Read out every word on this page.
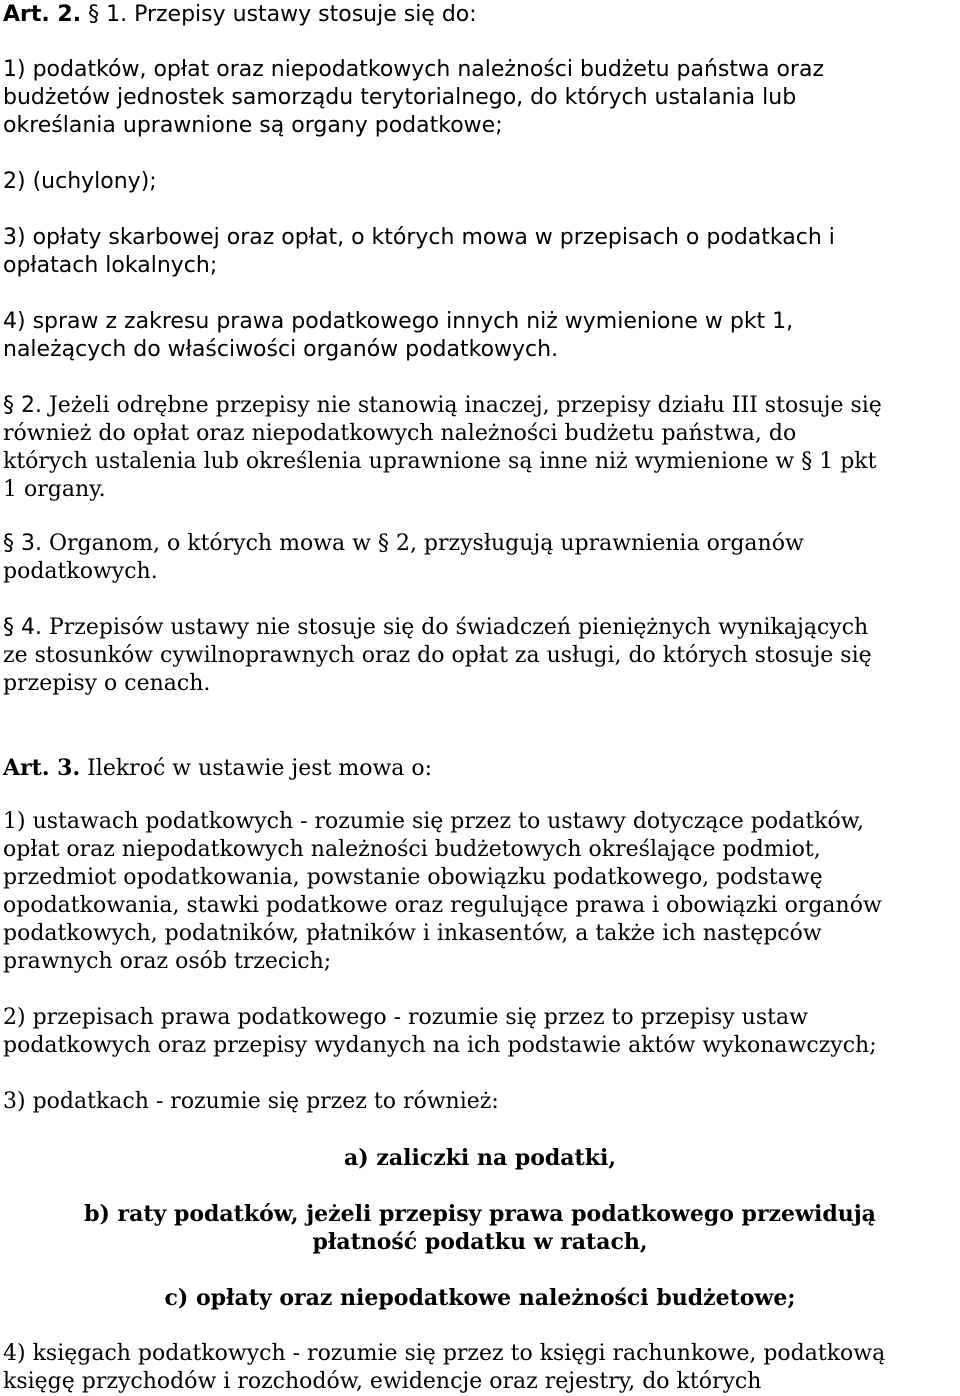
Art. 2. § 1. Przepisy ustawy stosuje się do:

1) podatków, opłat oraz niepodatkowych należności budżetu państwa oraz

budżetów jednostek samorządu terytorialnego, do których ustalania lub

określania uprawnione są organy podatkowe;

2) (uchylony);

3) opłaty skarbowej oraz opłat, o których mowa w przepisach o podatkach i

opłatach lokalnych;

4) spraw z zakresu prawa podatkowego innych niż wymienione w pkt 1,

należących do właściwości organów podatkowych.

§ 2. Jeżeli odrębne przepisy nie stanowią inaczej, przepisy działu III stosuje się

również do opłat oraz niepodatkowych należności budżetu państwa, do

których ustalenia lub określenia uprawnione są inne niż wymienione w § 1 pkt

1 organy.

§ 3. Organom, o których mowa w § 2, przysługują uprawnienia organów

podatkowych.

§ 4. Przepisów ustawy nie stosuje się do świadczeń pieniężnych wynikających

ze stosunków cywilnoprawnych oraz do opłat za usługi, do których stosuje się

przepisy o cenach.

Art. 3. Ilekroć w ustawie jest mowa o:

1) ustawach podatkowych - rozumie się przez to ustawy dotyczące podatków,

opłat oraz niepodatkowych należności budżetowych określające podmiot,

przedmiot opodatkowania, powstanie obowiązku podatkowego, podstawę

opodatkowania, stawki podatkowe oraz regulujące prawa i obowiązki organów

podatkowych, podatników, płatników i inkasentów, a także ich następców

prawnych oraz osób trzecich;

2) przepisach prawa podatkowego - rozumie się przez to przepisy ustaw

podatkowych oraz przepisy wydanych na ich podstawie aktów wykonawczych;

3) podatkach - rozumie się przez to również:

a) zaliczki na podatki,

b) raty podatków, jeżeli przepisy prawa podatkowego przewidują

płatność podatku w ratach,

c) opłaty oraz niepodatkowe należności budżetowe;

4) księgach podatkowych - rozumie się przez to księgi rachunkowe, podatkową

księgę przychodów i rozchodów, ewidencje oraz rejestry, do których
